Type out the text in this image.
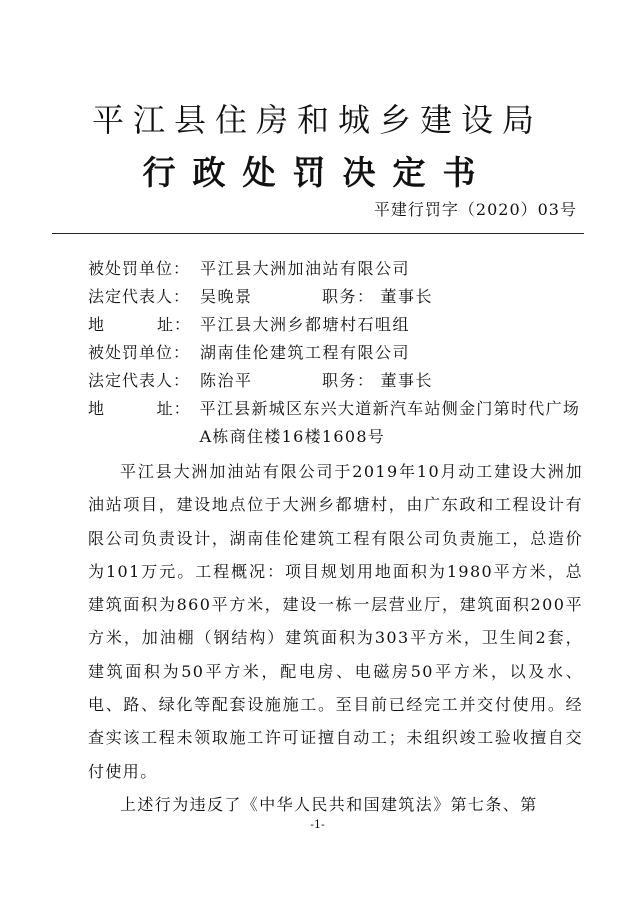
平江县住房和城乡建设局
行政处罚决定书
平建行罚字（2020）03号
被处罚单位： 平江县大洲加油站有限公司
法定代表人： 吴晚景	职务： 董事长
地	址： 平江县大洲乡都塘村石咀组
被处罚单位： 湖南佳伦建筑工程有限公司
法定代表人： 陈治平	职务： 董事长
地	址： 平江县新城区东兴大道新汽车站侧金门第时代广场A栋商住楼16楼1608号

平江县大洲加油站有限公司于2019年10月动工建设大洲加油站项目，建设地点位于大洲乡都塘村，由广东政和工程设计有限公司负责设计，湖南佳伦建筑工程有限公司负责施工，总造价为101万元。工程概况：项目规划用地面积为1980平方米，总建筑面积为860平方米，建设一栋一层营业厅，建筑面积200平方米，加油棚（钢结构）建筑面积为303平方米，卫生间2套，建筑面积为50平方米，配电房、电磁房50平方米，以及水、电、路、绿化等配套设施施工。至目前已经完工并交付使用。经查实该工程未领取施工许可证擅自动工；未组织竣工验收擅自交付使用。

上述行为违反了《中华人民共和国建筑法》第七条、第

-1-
